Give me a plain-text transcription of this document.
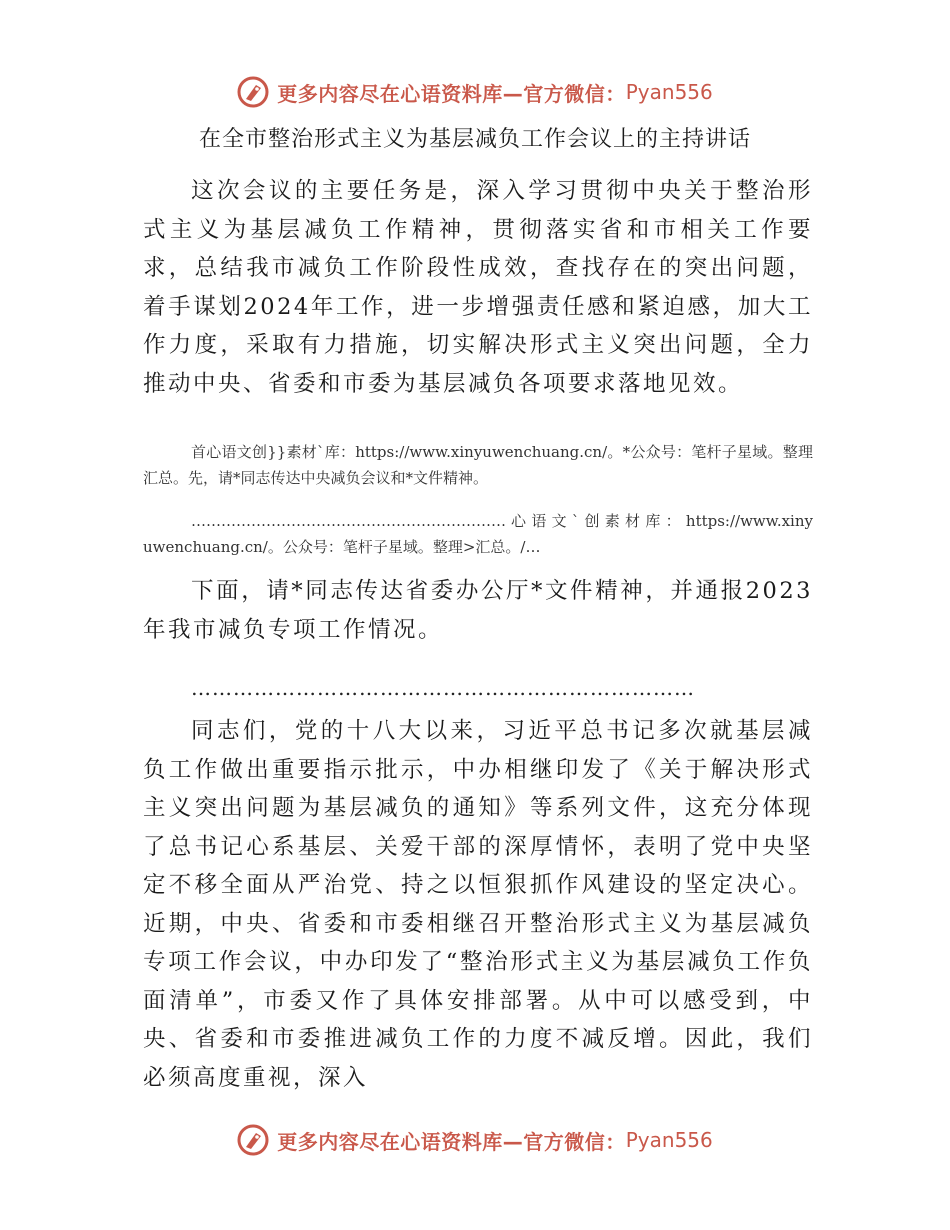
更多内容尽在心语资料库—官方微信： Pyan556
在全市整治形式主义为基层减负工作会议上的主持讲话

这次会议的主要任务是，深入学习贯彻中央关于整治形式主义为基层减负工作精神，贯彻落实省和市相关工作要求，总结我市减负工作阶段性成效，查找存在的突出问题，着手谋划2024年工作，进一步增强责任感和紧迫感，加大工作力度，采取有力措施，切实解决形式主义突出问题，全力推动中央、省委和市委为基层减负各项要求落地见效。

首心语文创}}素材`库：https://www.xinyuwenchuang.cn/。*公众号：笔杆子星域。整理汇总。先，请*同志传达中央减负会议和*文件精神。

……………………………………………………… 心 语 文 ` 创 素 材 库 ： https://www.xinyuwenchuang.cn/。公众号：笔杆子星域。整理>汇总。/…

下面，请*同志传达省委办公厅*文件精神，并通报2023年我市减负专项工作情况。

………………………………………………………………

同志们，党的十八大以来，习近平总书记多次就基层减负工作做出重要指示批示，中办相继印发了《关于解决形式主义突出问题为基层减负的通知》等系列文件，这充分体现了总书记心系基层、关爱干部的深厚情怀，表明了党中央坚定不移全面从严治党、持之以恒狠抓作风建设的坚定决心。近期，中央、省委和市委相继召开整治形式主义为基层减负专项工作会议，中办印发了“整治形式主义为基层减负工作负面清单”，市委又作了具体安排部署。从中可以感受到，中央、省委和市委推进减负工作的力度不减反增。因此，我们必须高度重视，深入

更多内容尽在心语资料库—官方微信： Pyan556
